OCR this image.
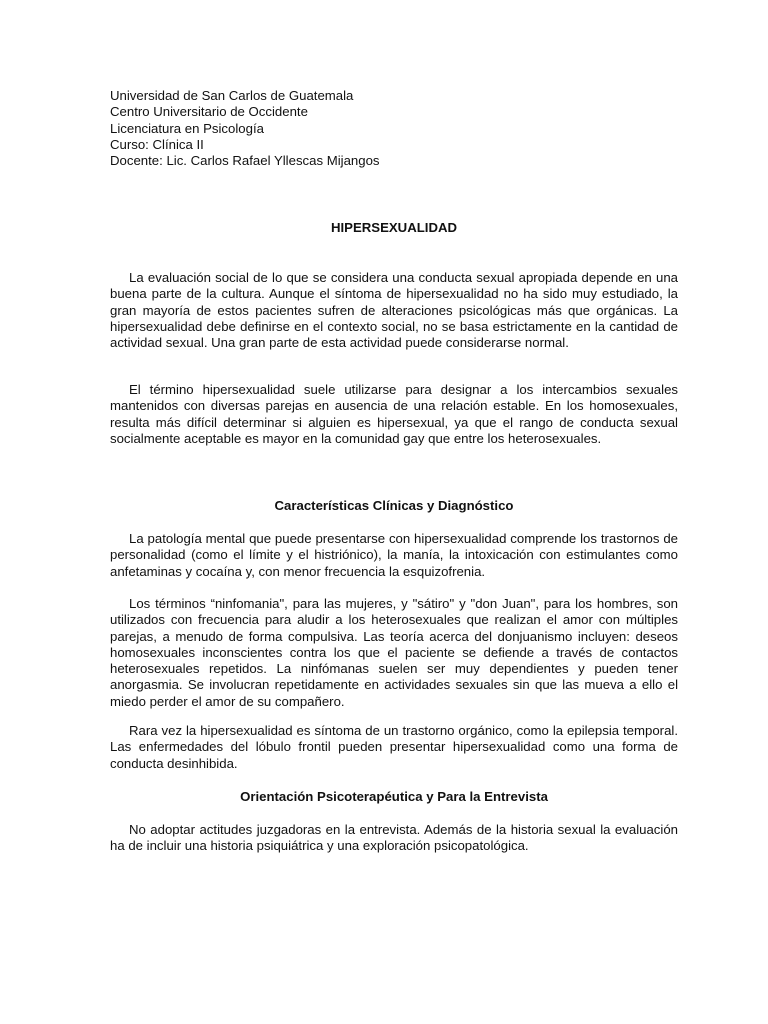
Universidad de San Carlos de Guatemala
Centro Universitario de Occidente
Licenciatura en Psicología
Curso: Clínica II
Docente: Lic. Carlos Rafael Yllescas Mijangos
HIPERSEXUALIDAD

La evaluación social de lo que se considera una conducta sexual apropiada depende en una buena parte de la cultura. Aunque el síntoma de hipersexualidad no ha sido muy estudiado, la gran mayoría de estos pacientes sufren de alteraciones psicológicas más que orgánicas. La hipersexualidad debe definirse en el contexto social, no se basa estrictamente en la cantidad de actividad sexual. Una gran parte de esta actividad puede considerarse normal.

El término hipersexualidad suele utilizarse para designar a los intercambios sexuales mantenidos con diversas parejas en ausencia de una relación estable. En los homosexuales, resulta más difícil determinar si alguien es hipersexual, ya que el rango de conducta sexual socialmente aceptable es mayor en la comunidad gay que entre los heterosexuales.

Características Clínicas y Diagnóstico

La patología mental que puede presentarse con hipersexualidad comprende los trastornos de personalidad (como el límite y el histriónico), la manía, la intoxicación con estimulantes como anfetaminas y cocaína y, con menor frecuencia la esquizofrenia.

Los términos “ninfomania", para las mujeres, y "sátiro" y "don Juan", para los hombres, son utilizados con frecuencia para aludir a los heterosexuales que realizan el amor con múltiples parejas, a menudo de forma compulsiva. Las teoría acerca del donjuanismo incluyen: deseos homosexuales inconscientes contra los que el paciente se defiende a través de contactos heterosexuales repetidos. La ninfómanas suelen ser muy dependientes y pueden tener anorgasmia. Se involucran repetidamente en actividades sexuales sin que las mueva a ello el miedo perder el amor de su compañero.

Rara vez la hipersexualidad es síntoma de un trastorno orgánico, como la epilepsia temporal. Las enfermedades del lóbulo frontil pueden presentar hipersexualidad como una forma de conducta desinhibida.

Orientación Psicoterapéutica y Para la Entrevista

No adoptar actitudes juzgadoras en la entrevista. Además de la historia sexual la evaluación ha de incluir una historia psiquiátrica y una exploración psicopatológica.
